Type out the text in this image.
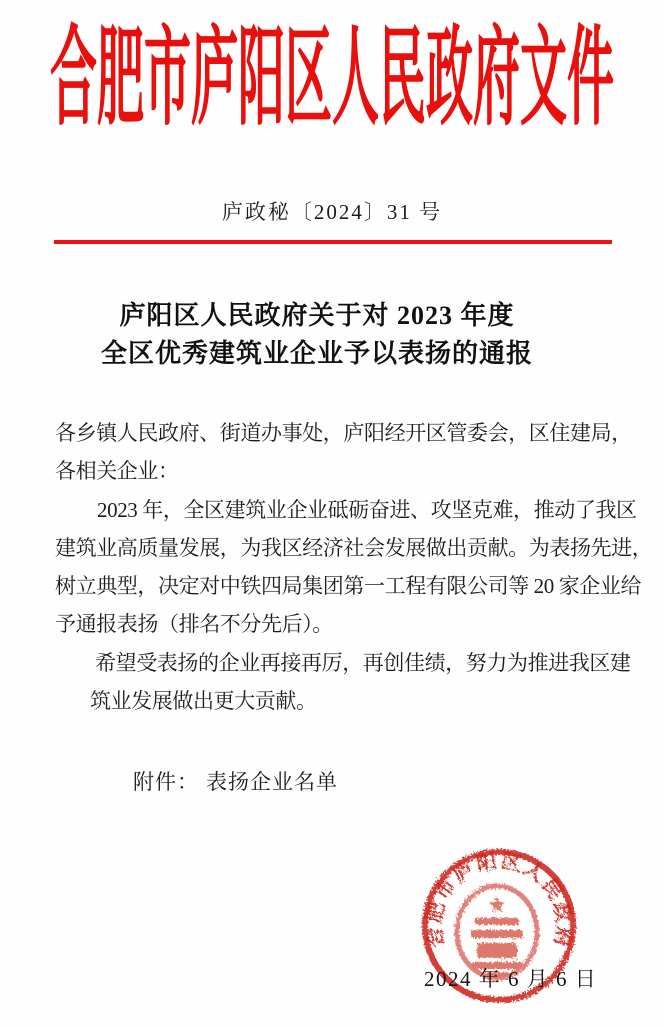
合肥市庐阳区人民政府文件
庐政秘〔2024〕31 号
庐阳区人民政府关于对 2023 年度
全区优秀建筑业企业予以表扬的通报
各乡镇人民政府、街道办事处，庐阳经开区管委会，区住建局，
各相关企业：
2023 年，全区建筑业企业砥砺奋进、攻坚克难，推动了我区
建筑业高质量发展，为我区经济社会发展做出贡献。为表扬先进，
树立典型，决定对中铁四局集团第一工程有限公司等 20 家企业给
予通报表扬（排名不分先后）。
希望受表扬的企业再接再厉，再创佳绩，努力为推进我区建
筑业发展做出更大贡献。
附件： 表扬企业名单
合肥市庐阳区人民政府
2024 年 6 月 6 日
